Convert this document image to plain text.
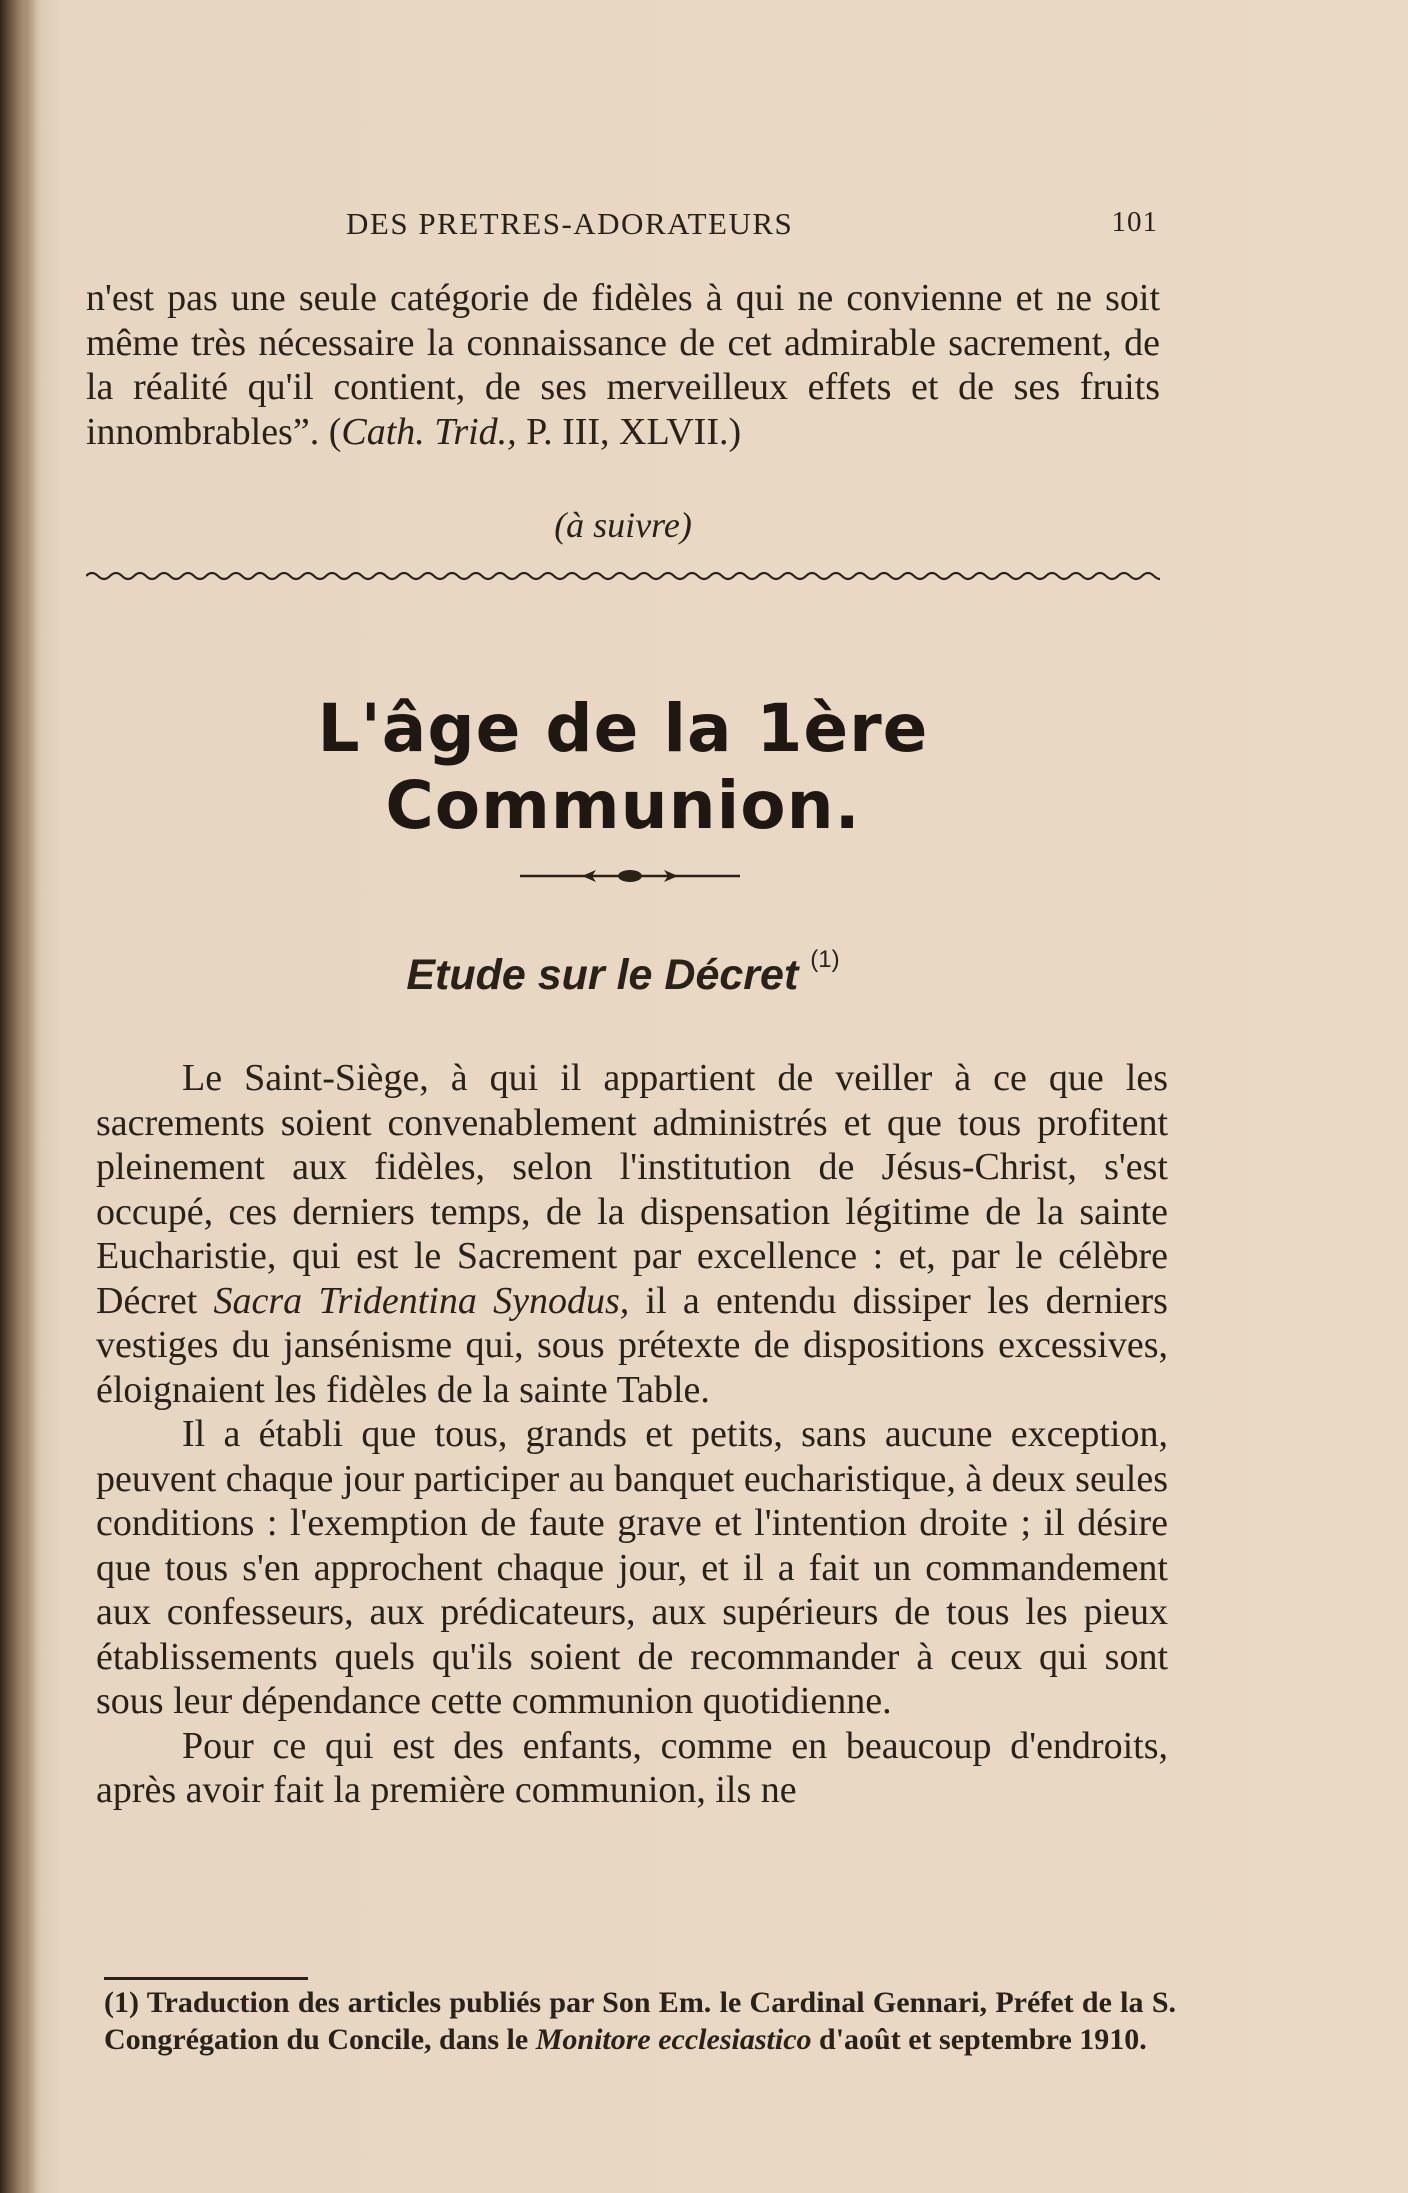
DES PRETRES-ADORATEURS	101

n'est pas une seule catégorie de fidèles à qui ne convienne et ne soit même très nécessaire la connaissance de cet admirable sacrement, de la réalité qu'il contient, de ses merveilleux effets et de ses fruits innombrables”. (Cath. Trid., P. III, XLVII.)

(à suivre)
L'âge de la 1ère Communion.
Etude sur le Décret $^{(1)}$

Le Saint-Siège, à qui il appartient de veiller à ce que les sacrements soient convenablement administrés et que tous profitent pleinement aux fidèles, selon l'institution de Jésus-Christ, s'est occupé, ces derniers temps, de la dispensation légitime de la sainte Eucharistie, qui est le Sacrement par excellence : et, par le célèbre Décret Sacra Tridentina Synodus, il a entendu dissiper les derniers vestiges du jansénisme qui, sous prétexte de dispositions excessives, éloignaient les fidèles de la sainte Table.

Il a établi que tous, grands et petits, sans aucune exception, peuvent chaque jour participer au banquet eucharistique, à deux seules conditions : l'exemption de faute grave et l'intention droite ; il désire que tous s'en approchent chaque jour, et il a fait un commandement aux confesseurs, aux prédicateurs, aux supérieurs de tous les pieux établissements quels qu'ils soient de recommander à ceux qui sont sous leur dépendance cette communion quotidienne.

Pour ce qui est des enfants, comme en beaucoup d'endroits, après avoir fait la première communion, ils ne

(1) Traduction des articles publiés par Son Em. le Cardinal Gennari, Préfet de la S. Congrégation du Concile, dans le Monitore ecclesiastico d'août et septembre 1910.
